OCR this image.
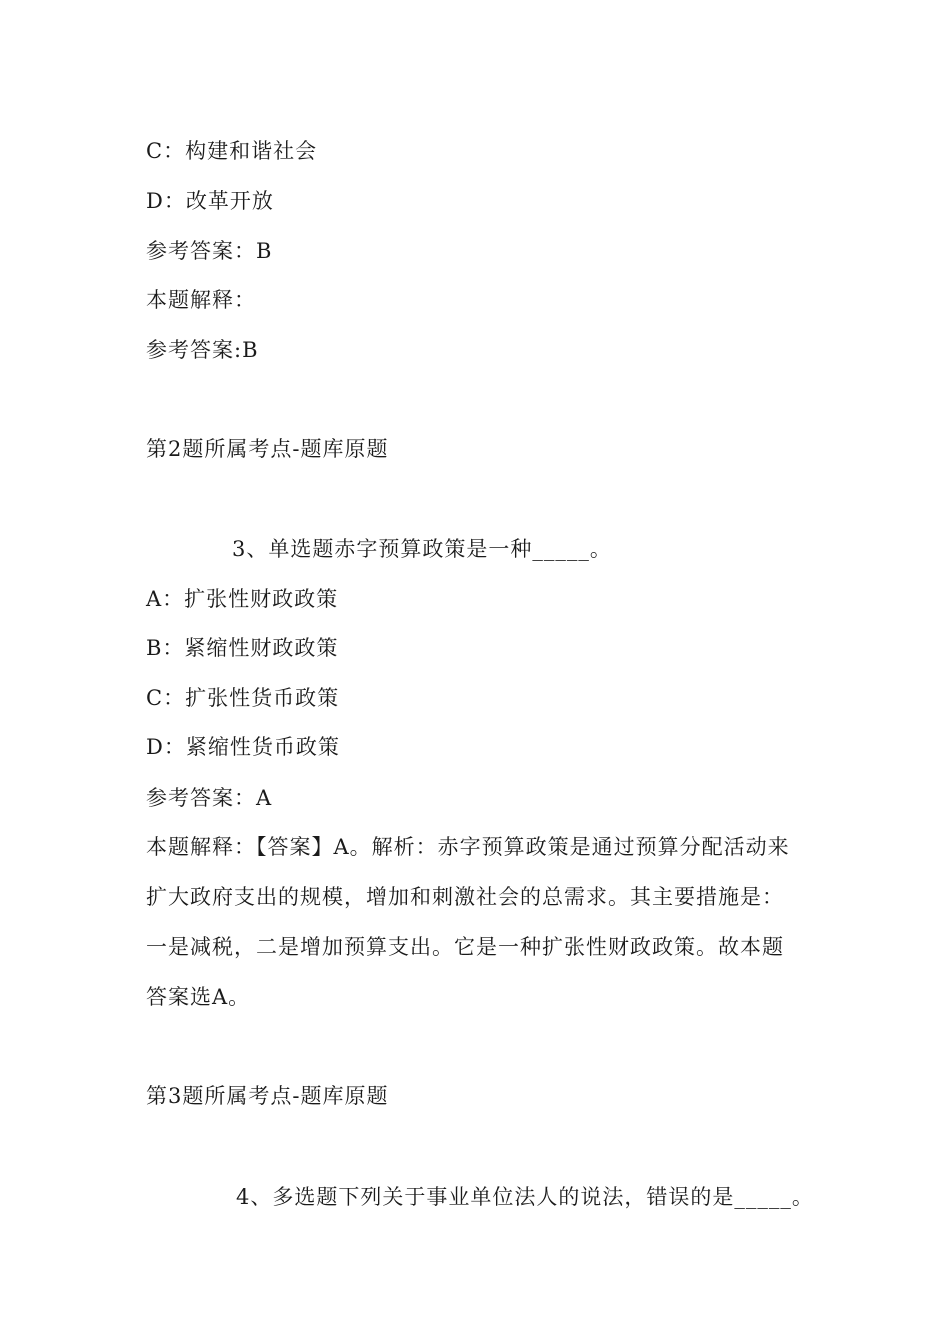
C：构建和谐社会
D：改革开放
参考答案：B
本题解释：
参考答案:B
第2题所属考点-题库原题
3、单选题赤字预算政策是一种_____。
A：扩张性财政政策
B：紧缩性财政政策
C：扩张性货币政策
D：紧缩性货币政策
参考答案：A
本题解释：【答案】A。解析：赤字预算政策是通过预算分配活动来
扩大政府支出的规模，增加和刺激社会的总需求。其主要措施是：
一是减税，二是增加预算支出。它是一种扩张性财政政策。故本题
答案选A。
第3题所属考点-题库原题
4、多选题下列关于事业单位法人的说法，错误的是_____。
